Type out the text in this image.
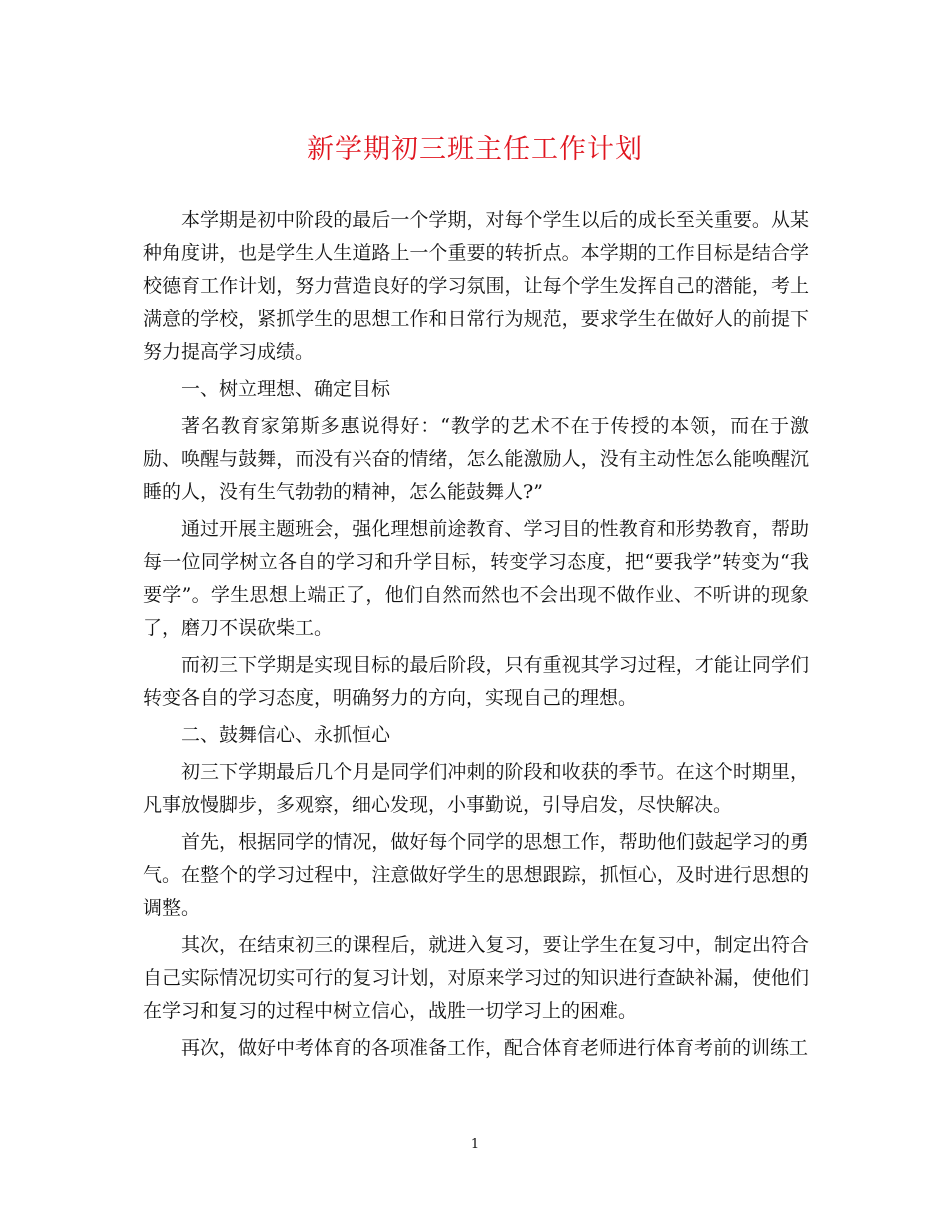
新学期初三班主任工作计划

本学期是初中阶段的最后一个学期，对每个学生以后的成长至关重要。从某种角度讲，也是学生人生道路上一个重要的转折点。本学期的工作目标是结合学校德育工作计划，努力营造良好的学习氛围，让每个学生发挥自己的潜能，考上满意的学校，紧抓学生的思想工作和日常行为规范，要求学生在做好人的前提下努力提高学习成绩。

一、树立理想、确定目标

著名教育家第斯多惠说得好：“教学的艺术不在于传授的本领，而在于激励、唤醒与鼓舞，而没有兴奋的情绪，怎么能激励人，没有主动性怎么能唤醒沉睡的人，没有生气勃勃的精神，怎么能鼓舞人?”

通过开展主题班会，强化理想前途教育、学习目的性教育和形势教育，帮助每一位同学树立各自的学习和升学目标，转变学习态度，把“要我学”转变为“我要学”。学生思想上端正了，他们自然而然也不会出现不做作业、不听讲的现象了，磨刀不误砍柴工。

而初三下学期是实现目标的最后阶段，只有重视其学习过程，才能让同学们转变各自的学习态度，明确努力的方向，实现自己的理想。

二、鼓舞信心、永抓恒心

初三下学期最后几个月是同学们冲刺的阶段和收获的季节。在这个时期里，凡事放慢脚步，多观察，细心发现，小事勤说，引导启发，尽快解决。

首先，根据同学的情况，做好每个同学的思想工作，帮助他们鼓起学习的勇气。在整个的学习过程中，注意做好学生的思想跟踪，抓恒心，及时进行思想的调整。

其次，在结束初三的课程后，就进入复习，要让学生在复习中，制定出符合自己实际情况切实可行的复习计划，对原来学习过的知识进行查缺补漏，使他们在学习和复习的过程中树立信心，战胜一切学习上的困难。

再次，做好中考体育的各项准备工作，配合体育老师进行体育考前的训练工

1
